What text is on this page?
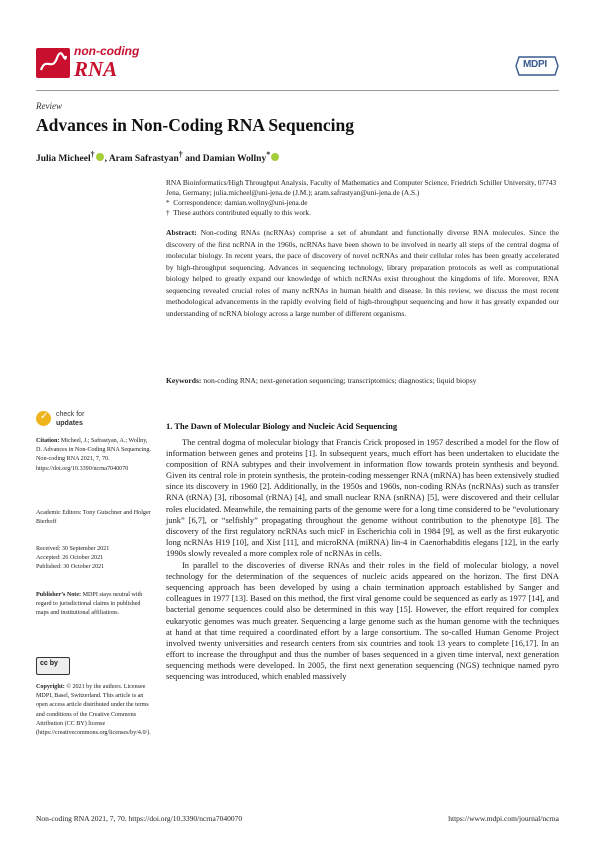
non-coding
RNA	MDPI
Review
Advances in Non-Coding RNA Sequencing
Julia Micheel† , Aram Safrastyan† and Damian Wollny*
RNA Bioinformatics/High Throughput Analysis, Faculty of Mathematics and Computer Science, Friedrich Schiller University, 07743 Jena, Germany; julia.micheel@uni-jena.de (J.M.); aram.safrastyan@uni-jena.de (A.S.)
*  Correspondence: damian.wollny@uni-jena.de
†  These authors contributed equally to this work.
Abstract: Non-coding RNAs (ncRNAs) comprise a set of abundant and functionally diverse RNA molecules. Since the discovery of the first ncRNA in the 1960s, ncRNAs have been shown to be involved in nearly all steps of the central dogma of molecular biology. In recent years, the pace of discovery of novel ncRNAs and their cellular roles has been greatly accelerated by high-throughput sequencing. Advances in sequencing technology, library preparation protocols as well as computational biology helped to greatly expand our knowledge of which ncRNAs exist throughout the kingdoms of life. Moreover, RNA sequencing revealed crucial roles of many ncRNAs in human health and disease. In this review, we discuss the most recent methodological advancements in the rapidly evolving field of high-throughput sequencing and how it has greatly expanded our understanding of ncRNA biology across a large number of different organisms.
Keywords: non-coding RNA; next-generation sequencing; transcriptomics; diagnostics; liquid biopsy
✓ check for
updates
Citation: Micheel, J.; Safrastyan, A.; Wollny, D. Advances in Non-Coding RNA Sequencing. Non-coding RNA 2021, 7, 70. https://doi.org/10.3390/ncrna7040070
Academic Editors: Tony Gutschner and Holger Bierhoff
Received: 30 September 2021
Accepted: 26 October 2021
Published: 30 October 2021
Publisher’s Note: MDPI stays neutral with regard to jurisdictional claims in published maps and institutional affiliations.
cc by
Copyright: © 2021 by the authors. Licensee MDPI, Basel, Switzerland. This article is an open access article distributed under the terms and conditions of the Creative Commons Attribution (CC BY) license (https://creativecommons.org/licenses/by/4.0/).
1. The Dawn of Molecular Biology and Nucleic Acid Sequencing

The central dogma of molecular biology that Francis Crick proposed in 1957 described a model for the flow of information between genes and proteins [1]. In subsequent years, much effort has been undertaken to elucidate the composition of RNA subtypes and their involvement in information flow towards protein synthesis and beyond. Given its central role in protein synthesis, the protein-coding messenger RNA (mRNA) has been extensively studied since its discovery in 1960 [2]. Additionally, in the 1950s and 1960s, non-coding RNAs (ncRNAs) such as transfer RNA (tRNA) [3], ribosomal (rRNA) [4], and small nuclear RNA (snRNA) [5], were discovered and their cellular roles elucidated. Meanwhile, the remaining parts of the genome were for a long time considered to be “evolutionary junk” [6,7], or “selfishly” propagating throughout the genome without contribution to the phenotype [8]. The discovery of the first regulatory ncRNAs such micF in Escherichia coli in 1984 [9], as well as the first eukaryotic long ncRNAs H19 [10], and Xist [11], and microRNA (miRNA) lin-4 in Caenorhabditis elegans [12], in the early 1990s slowly revealed a more complex role of ncRNAs in cells.

In parallel to the discoveries of diverse RNAs and their roles in the field of molecular biology, a novel technology for the determination of the sequences of nucleic acids appeared on the horizon. The first DNA sequencing approach has been developed by using a chain termination approach established by Sanger and colleagues in 1977 [13]. Based on this method, the first viral genome could be sequenced as early as 1977 [14], and bacterial genome sequences could also be determined in this way [15]. However, the effort required for complex eukaryotic genomes was much greater. Sequencing a large genome such as the human genome with the techniques at hand at that time required a coordinated effort by a large consortium. The so-called Human Genome Project involved twenty universities and research centers from six countries and took 13 years to complete [16,17]. In an effort to increase the throughput and thus the number of bases sequenced in a given time interval, next generation sequencing methods were developed. In 2005, the first next generation sequencing (NGS) technique named pyro sequencing was introduced, which enabled massively

Non-coding RNA 2021, 7, 70. https://doi.org/10.3390/ncrna7040070	https://www.mdpi.com/journal/ncrna
